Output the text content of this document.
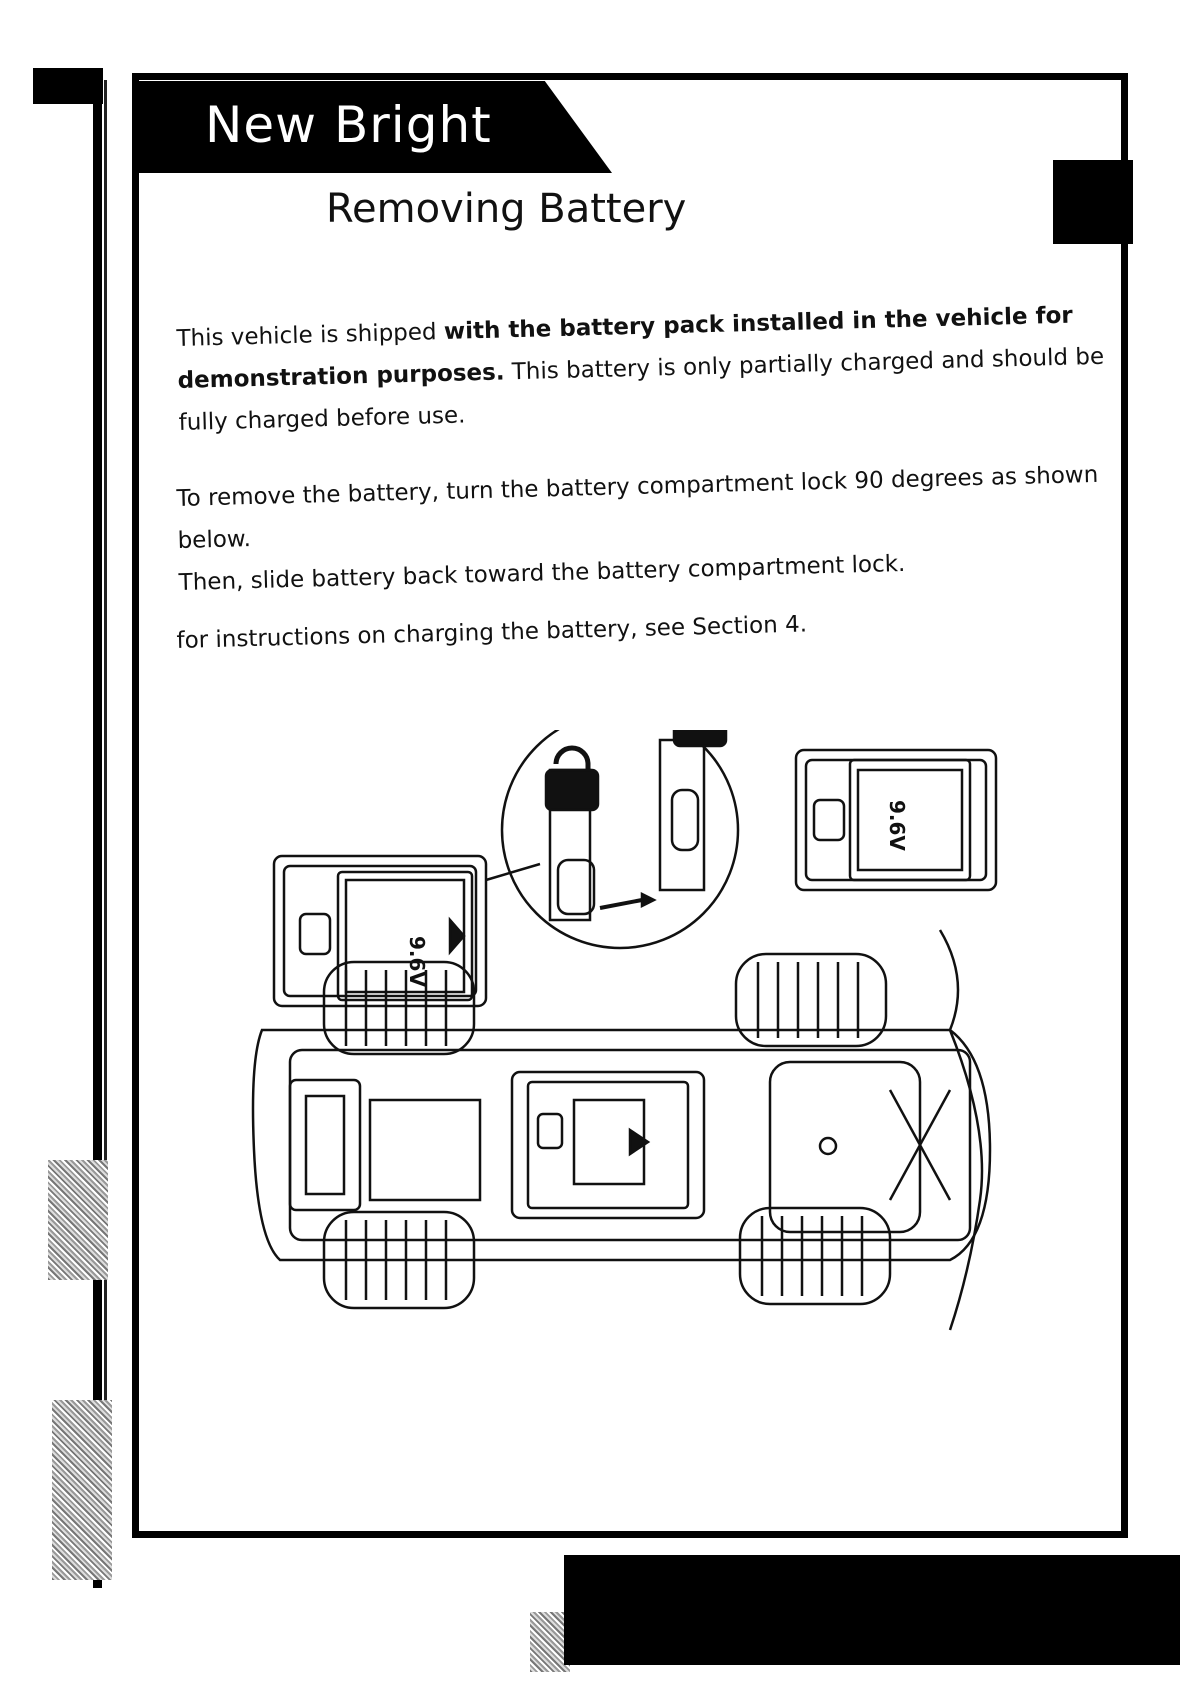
New Bright
Removing Battery

This vehicle is shipped with the battery pack installed in the vehicle for demonstration purposes. This battery is only partially charged and should be fully charged before use.

To remove the battery, turn the battery compartment lock 90 degrees as shown below.
Then, slide battery back toward the battery compartment lock.

for instructions on charging the battery, see Section 4.

9.6V
9.6V
